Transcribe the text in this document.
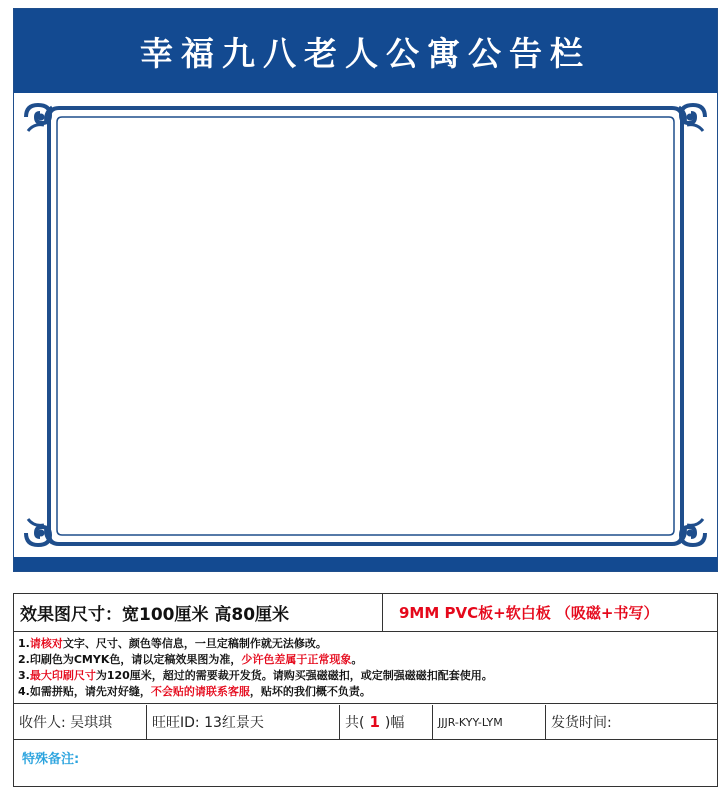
幸福九八老人公寓公告栏
效果图尺寸：宽100厘米 高80厘米	9MM PVC板+软白板 （吸磁+书写）
1.请核对文字、尺寸、颜色等信息，一旦定稿制作就无法修改。
2.印刷色为CMYK色，请以定稿效果图为准，少许色差属于正常现象。
3.最大印刷尺寸为120厘米，超过的需要裁开发货。请购买强磁磁扣，或定制强磁磁扣配套使用。
4.如需拼贴，请先对好缝，不会贴的请联系客服，贴坏的我们概不负责。
收件人: 吴琪琪	旺旺ID: 13红景天	共( 1 )幅	JJJR-KYY-LYM	发货时间:
特殊备注:
